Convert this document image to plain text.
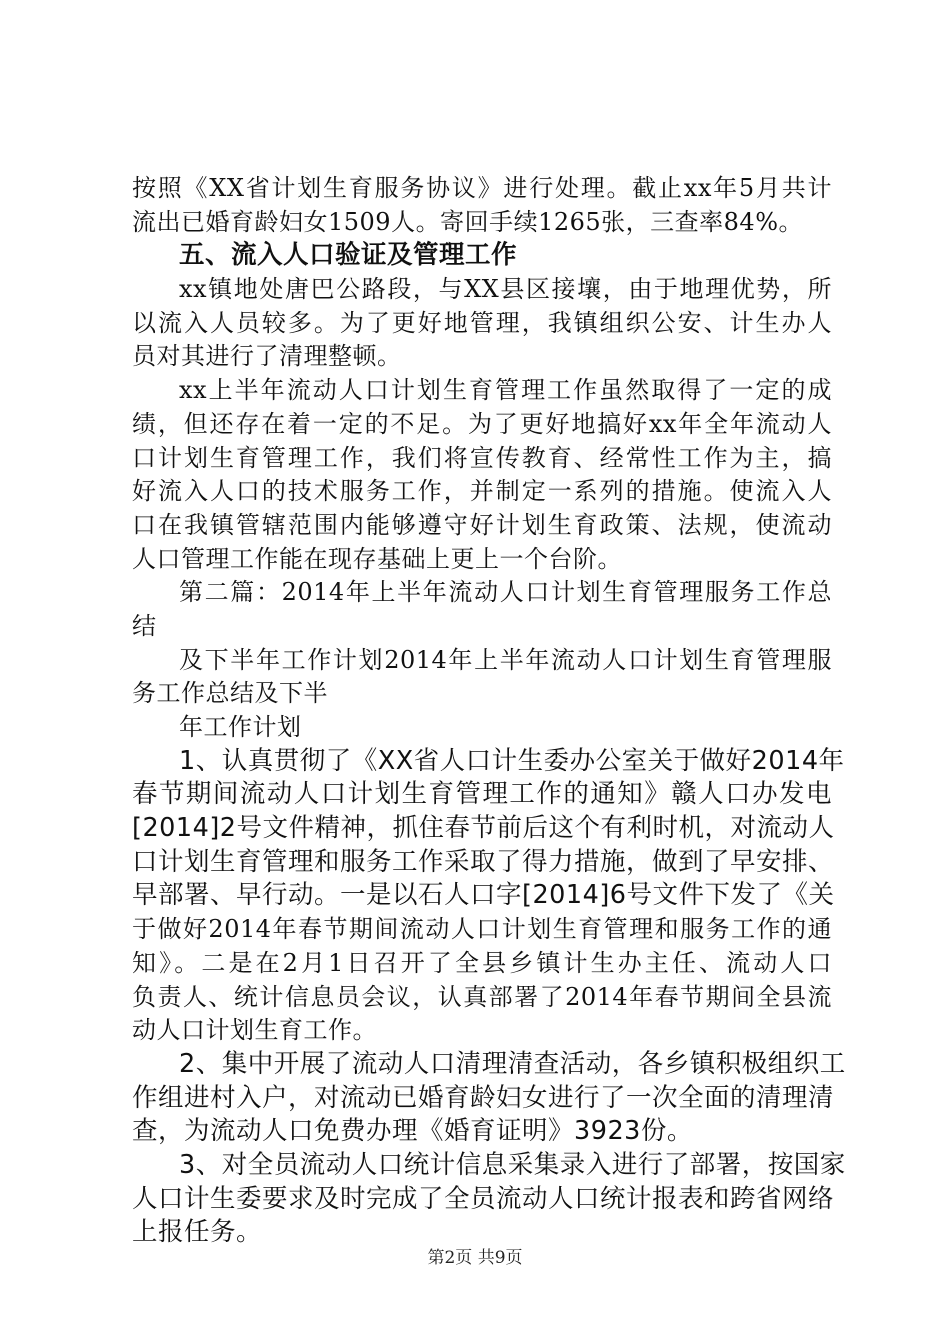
按照《XX省计划生育服务协议》进行处理。截止xx年5月共计
流出已婚育龄妇女1509人。寄回手续1265张，三查率84%。
五、流入人口验证及管理工作
xx镇地处唐巴公路段，与XX县区接壤，由于地理优势，所
以流入人员较多。为了更好地管理，我镇组织公安、计生办人
员对其进行了清理整顿。
xx上半年流动人口计划生育管理工作虽然取得了一定的成
绩，但还存在着一定的不足。为了更好地搞好xx年全年流动人
口计划生育管理工作，我们将宣传教育、经常性工作为主，搞
好流入人口的技术服务工作，并制定一系列的措施。使流入人
口在我镇管辖范围内能够遵守好计划生育政策、法规，使流动
人口管理工作能在现存基础上更上一个台阶。
第二篇：2014年上半年流动人口计划生育管理服务工作总
结
及下半年工作计划2014年上半年流动人口计划生育管理服
务工作总结及下半
年工作计划
1、认真贯彻了《XX省人口计生委办公室关于做好2014年
春节期间流动人口计划生育管理工作的通知》赣人口办发电
[2014]2号文件精神，抓住春节前后这个有利时机，对流动人
口计划生育管理和服务工作采取了得力措施，做到了早安排、
早部署、早行动。一是以石人口字[2014]6号文件下发了《关
于做好2014年春节期间流动人口计划生育管理和服务工作的通
知》。二是在2月1日召开了全县乡镇计生办主任、流动人口
负责人、统计信息员会议，认真部署了2014年春节期间全县流
动人口计划生育工作。
2、集中开展了流动人口清理清查活动，各乡镇积极组织工
作组进村入户，对流动已婚育龄妇女进行了一次全面的清理清
查，为流动人口免费办理《婚育证明》3923份。
3、对全员流动人口统计信息采集录入进行了部署，按国家
人口计生委要求及时完成了全员流动人口统计报表和跨省网络
上报任务。
第2页 共9页
